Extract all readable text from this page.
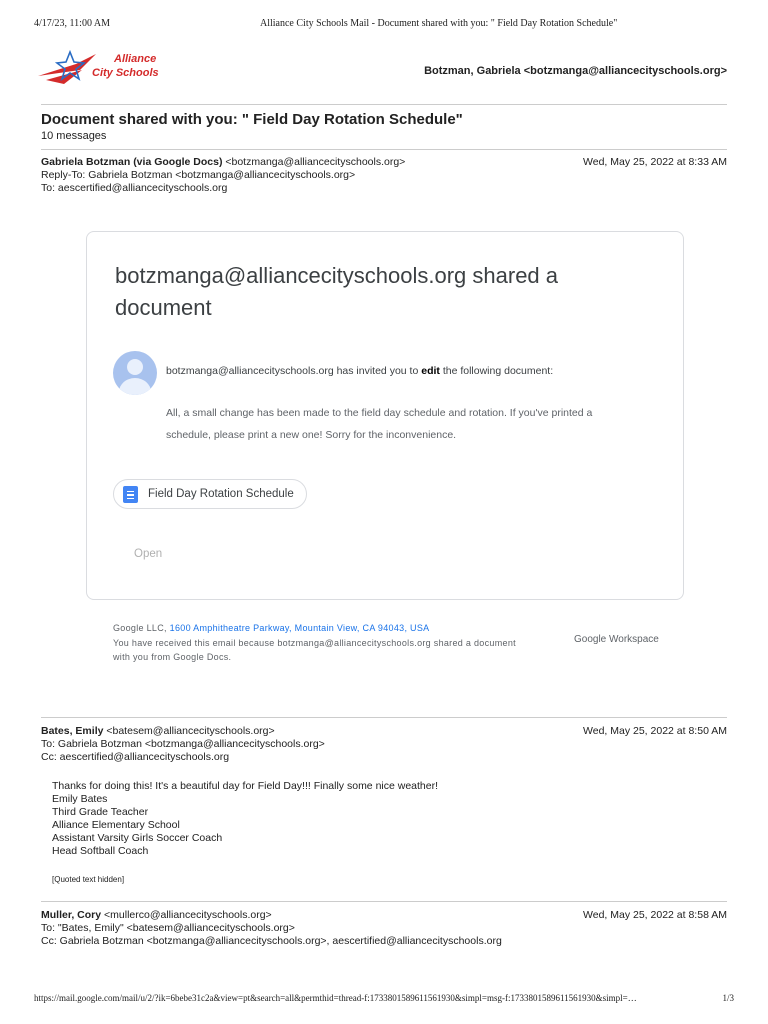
4/17/23, 11:00 AM	Alliance City Schools Mail - Document shared with you: " Field Day Rotation Schedule"
Alliance
City Schools	Botzman, Gabriela <botzmanga@alliancecityschools.org>
Document shared with you: " Field Day Rotation Schedule"
10 messages
Gabriela Botzman (via Google Docs) <botzmanga@alliancecityschools.org>	Wed, May 25, 2022 at 8:33 AM
Reply-To: Gabriela Botzman <botzmanga@alliancecityschools.org>
To: aescertified@alliancecityschools.org
botzmanga@alliancecityschools.org shared a document
botzmanga@alliancecityschools.org has invited you to edit the following document:
All, a small change has been made to the field day schedule and rotation. If you've printed a schedule, please print a new one! Sorry for the inconvenience.
Field Day Rotation Schedule
Open
Google LLC, 1600 Amphitheatre Parkway, Mountain View, CA 94043, USA
You have received this email because botzmanga@alliancecityschools.org shared a document with you from Google Docs.
Google Workspace
Bates, Emily <batesem@alliancecityschools.org>	Wed, May 25, 2022 at 8:50 AM
To: Gabriela Botzman <botzmanga@alliancecityschools.org>
Cc: aescertified@alliancecityschools.org
Thanks for doing this! It's a beautiful day for Field Day!!! Finally some nice weather!
Emily Bates
Third Grade Teacher
Alliance Elementary School
Assistant Varsity Girls Soccer Coach
Head Softball Coach
[Quoted text hidden]
Muller, Cory <mullerco@alliancecityschools.org>	Wed, May 25, 2022 at 8:58 AM
To: "Bates, Emily" <batesem@alliancecityschools.org>
Cc: Gabriela Botzman <botzmanga@alliancecityschools.org>, aescertified@alliancecityschools.org
https://mail.google.com/mail/u/2/?ik=6bebe31c2a&view=pt&search=all&permthid=thread-f:1733801589611561930&simpl=msg-f:1733801589611561930&simpl=…	1/3
